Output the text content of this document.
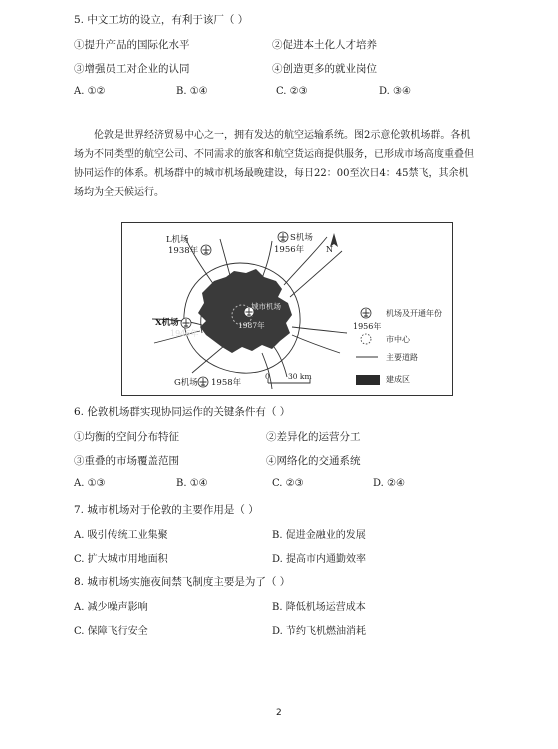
5. 中文工坊的设立，有利于该厂（ ）
①提升产品的国际化水平	②促进本土化人才培养
③增强员工对企业的认同	④创造更多的就业岗位
A. ①②	B. ①④	C. ②③	D. ③④
伦敦是世界经济贸易中心之一，拥有发达的航空运输系统。图2示意伦敦机场群。各机
场为不同类型的航空公司、不同需求的旅客和航空货运商提供服务，已形成市场高度重叠但
协同运作的体系。机场群中的城市机场最晚建设，每日22：00至次日4：45禁飞，其余机
场均为全天候运行。
L机场
1938年
S机场
1956年	N
X机场
1946年
城市机场
1987年
G机场 1958年
0 30 km
1956年
机场及开通年份
市中心
主要道路
建成区
6. 伦敦机场群实现协同运作的关键条件有（ ）
①均衡的空间分布特征	②差异化的运营分工
③重叠的市场覆盖范围	④网络化的交通系统
A. ①③	B. ①④	C. ②③	D. ②④
7. 城市机场对于伦敦的主要作用是（ ）
A. 吸引传统工业集聚	B. 促进金融业的发展
C. 扩大城市用地面积	D. 提高市内通勤效率
8. 城市机场实施夜间禁飞制度主要是为了（ ）
A. 减少噪声影响	B. 降低机场运营成本
C. 保障飞行安全	D. 节约飞机燃油消耗
2
